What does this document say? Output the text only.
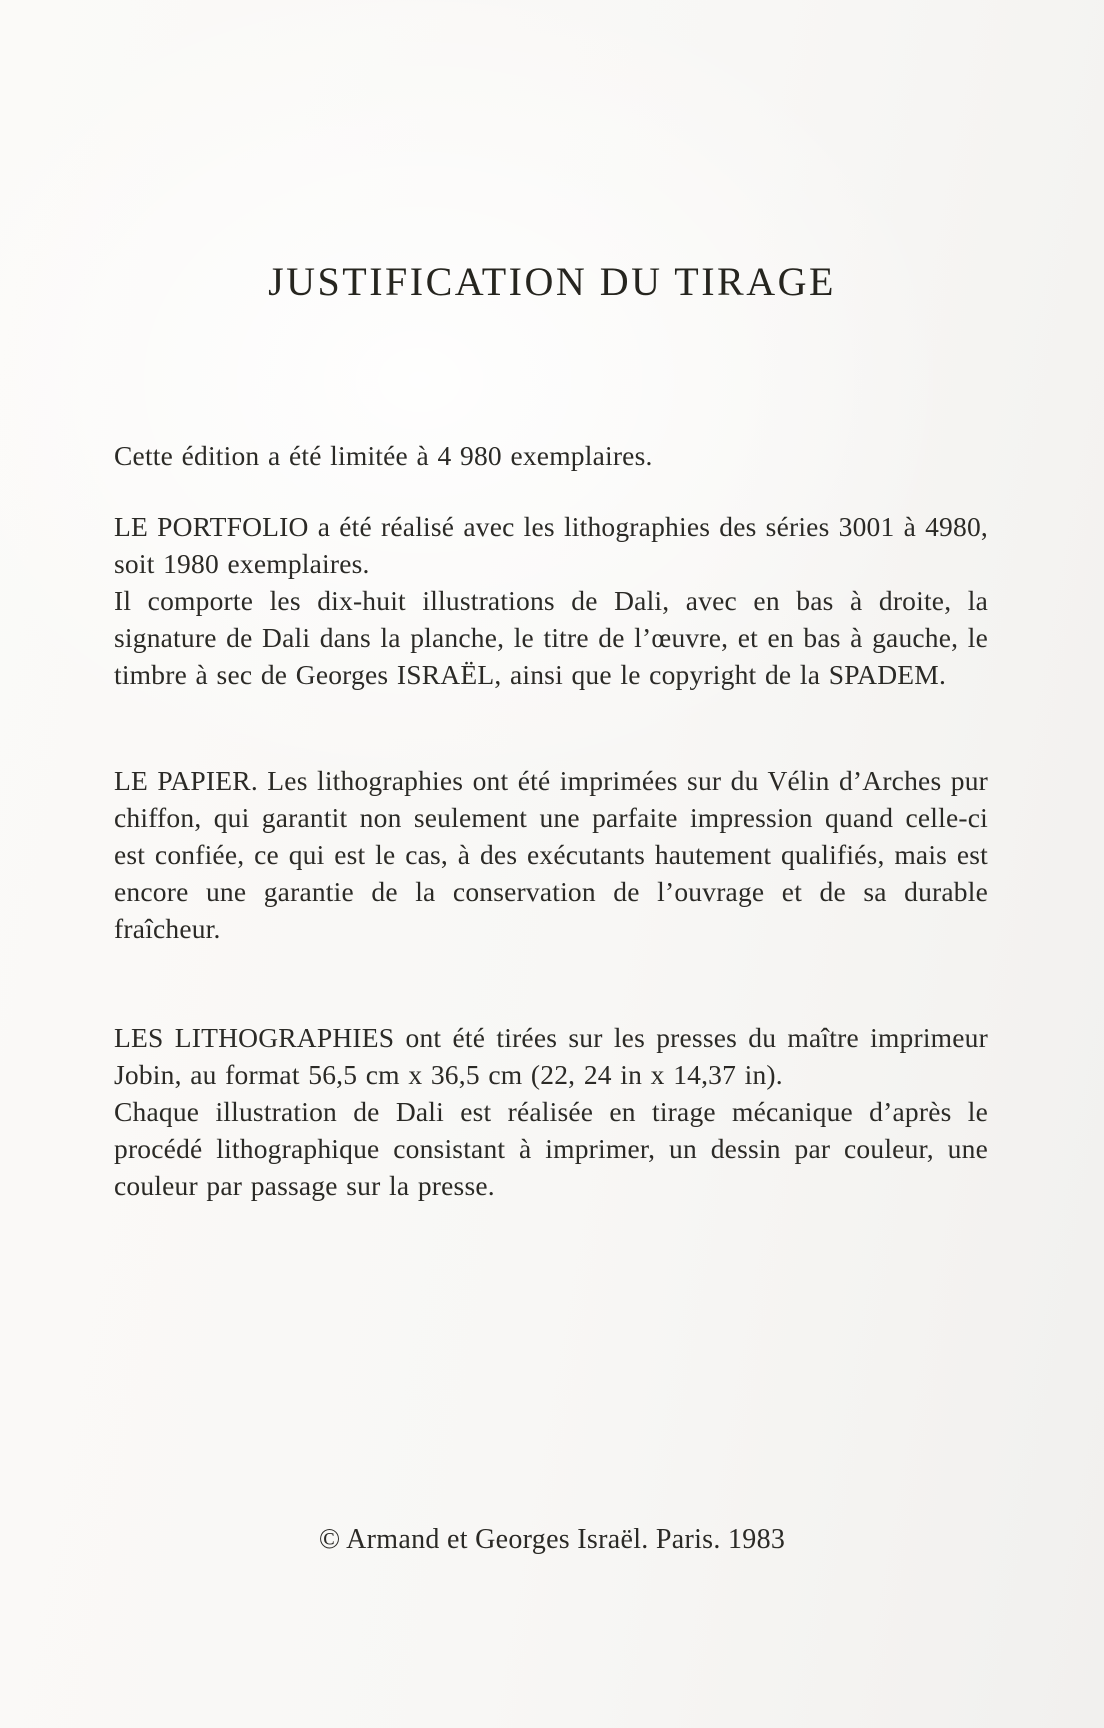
JUSTIFICATION DU TIRAGE

Cette édition a été limitée à 4 980 exemplaires.

LE PORTFOLIO a été réalisé avec les lithographies des séries 3001 à 4980, soit 1980 exemplaires.

Il comporte les dix-huit illustrations de Dali, avec en bas à droite, la signature de Dali dans la planche, le titre de l’œuvre, et en bas à gauche, le timbre à sec de Georges ISRAËL, ainsi que le copyright de la SPADEM.

LE PAPIER. Les lithographies ont été imprimées sur du Vélin d’Arches pur chiffon, qui garantit non seulement une parfaite impression quand celle-ci est confiée, ce qui est le cas, à des exécutants hautement qualifiés, mais est encore une garantie de la conservation de l’ouvrage et de sa durable fraîcheur.

LES LITHOGRAPHIES ont été tirées sur les presses du maître imprimeur Jobin, au format 56,5 cm x 36,5 cm (22, 24 in x 14,37 in).

Chaque illustration de Dali est réalisée en tirage mécanique d’après le procédé lithographique consistant à imprimer, un dessin par couleur, une couleur par passage sur la presse.

© Armand et Georges Israël. Paris. 1983
